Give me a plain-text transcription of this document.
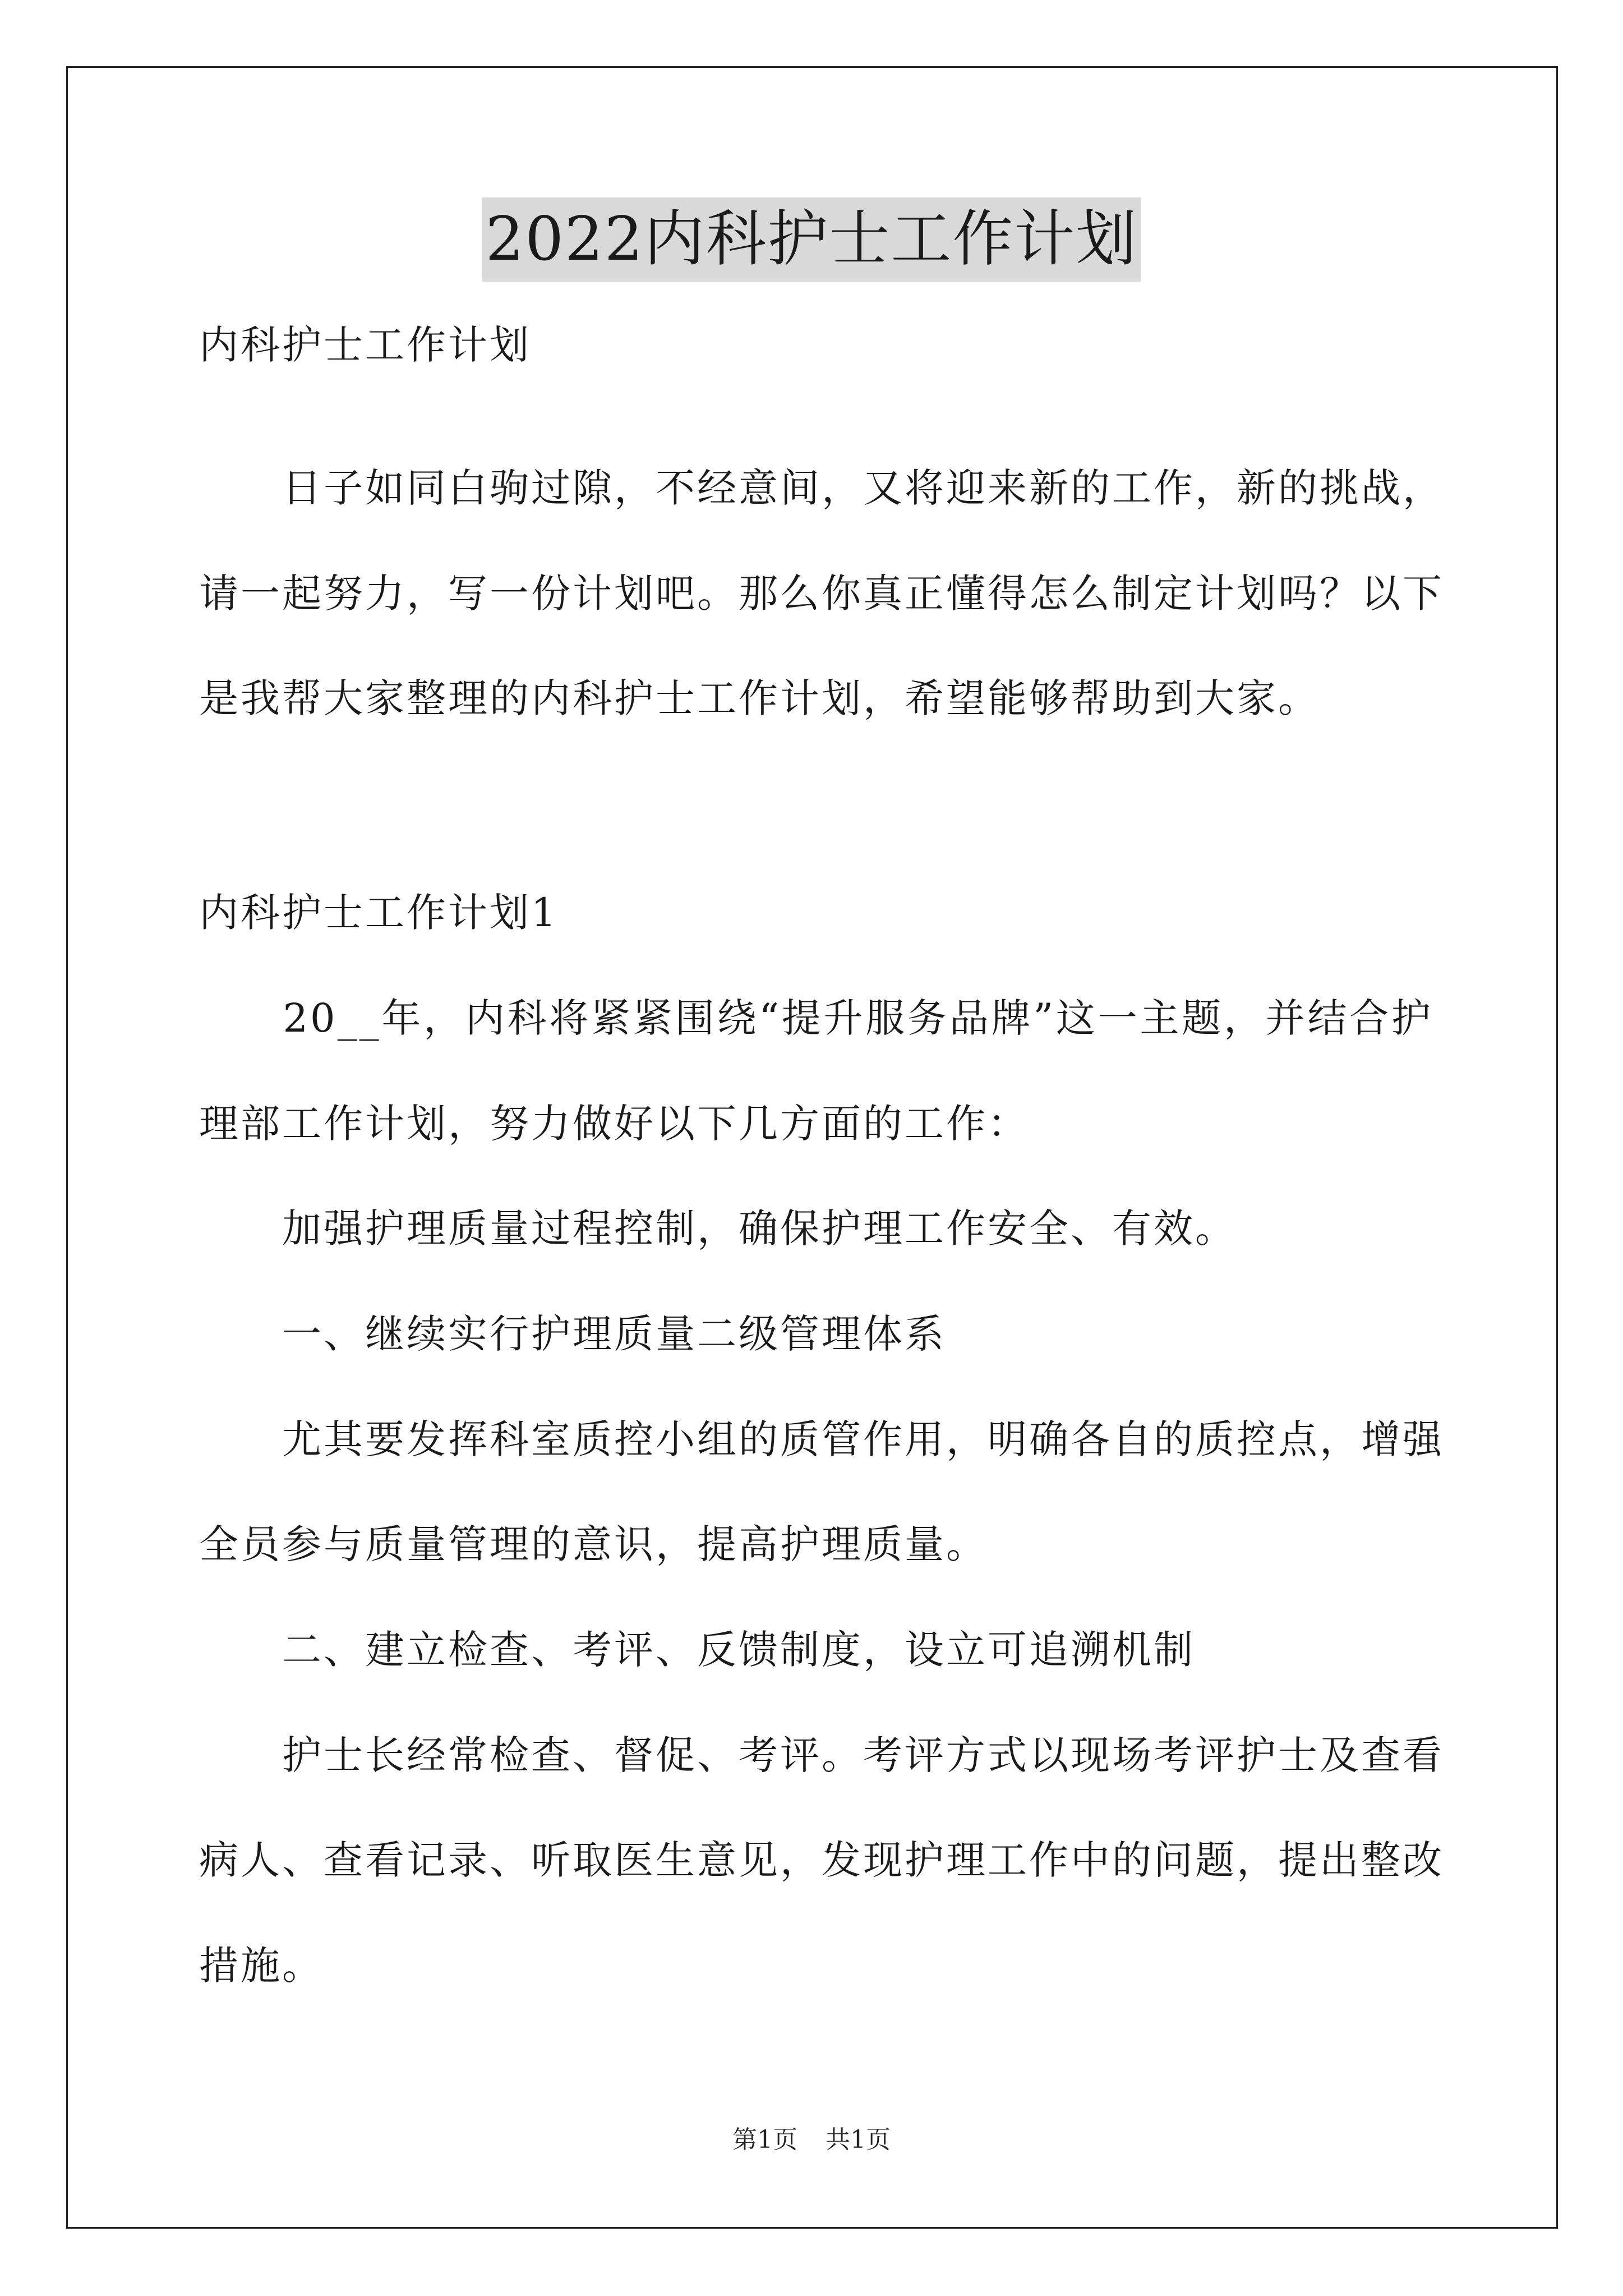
2022内科护士工作计划
内科护士工作计划
　　日子如同白驹过隙，不经意间，又将迎来新的工作，新的挑战，
请一起努力，写一份计划吧。那么你真正懂得怎么制定计划吗？以下
是我帮大家整理的内科护士工作计划，希望能够帮助到大家。
内科护士工作计划1
　　20__年，内科将紧紧围绕“提升服务品牌”这一主题，并结合护
理部工作计划，努力做好以下几方面的工作：
　　加强护理质量过程控制，确保护理工作安全、有效。
　　一、继续实行护理质量二级管理体系
　　尤其要发挥科室质控小组的质管作用，明确各自的质控点，增强
全员参与质量管理的意识，提高护理质量。
　　二、建立检查、考评、反馈制度，设立可追溯机制
　　护士长经常检查、督促、考评。考评方式以现场考评护士及查看
病人、查看记录、听取医生意见，发现护理工作中的问题，提出整改
措施。
第1页 共1页
